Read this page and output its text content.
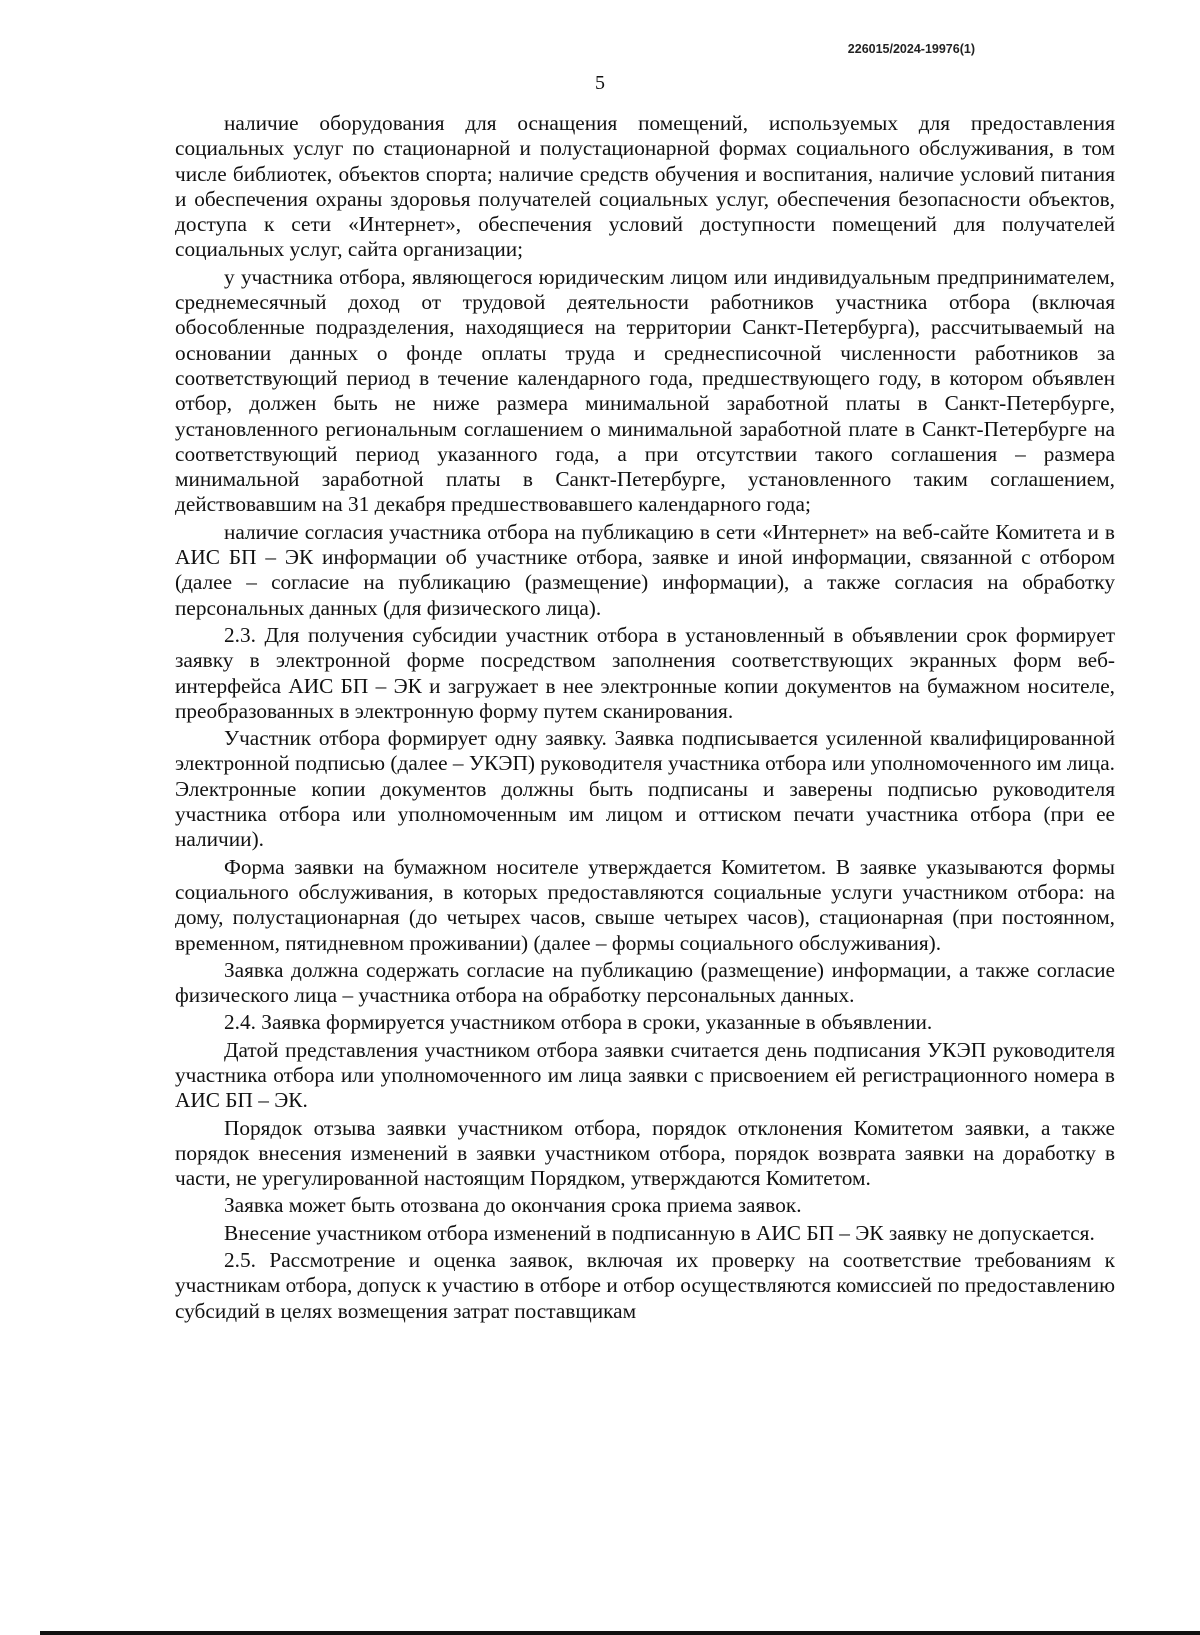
226015/2024-19976(1)
5

наличие оборудования для оснащения помещений, используемых для предоставления социальных услуг по стационарной и полустационарной формах социального обслуживания, в том числе библиотек, объектов спорта; наличие средств обучения и воспитания, наличие условий питания и обеспечения охраны здоровья получателей социальных услуг, обеспечения безопасности объектов, доступа к сети «Интернет», обеспечения условий доступности помещений для получателей социальных услуг, сайта организации;

у участника отбора, являющегося юридическим лицом или индивидуальным предпринимателем, среднемесячный доход от трудовой деятельности работников участника отбора (включая обособленные подразделения, находящиеся на территории Санкт-Петербурга), рассчитываемый на основании данных о фонде оплаты труда и среднесписочной численности работников за соответствующий период в течение календарного года, предшествующего году, в котором объявлен отбор, должен быть не ниже размера минимальной заработной платы в Санкт-Петербурге, установленного региональным соглашением о минимальной заработной плате в Санкт-Петербурге на соответствующий период указанного года, а при отсутствии такого соглашения – размера минимальной заработной платы в Санкт-Петербурге, установленного таким соглашением, действовавшим на 31 декабря предшествовавшего календарного года;

наличие согласия участника отбора на публикацию в сети «Интернет» на веб-сайте Комитета и в АИС БП – ЭК информации об участнике отбора, заявке и иной информации, связанной с отбором (далее – согласие на публикацию (размещение) информации), а также согласия на обработку персональных данных (для физического лица).

2.3. Для получения субсидии участник отбора в установленный в объявлении срок формирует заявку в электронной форме посредством заполнения соответствующих экранных форм веб-интерфейса АИС БП – ЭК и загружает в нее электронные копии документов на бумажном носителе, преобразованных в электронную форму путем сканирования.

Участник отбора формирует одну заявку. Заявка подписывается усиленной квалифицированной электронной подписью (далее – УКЭП) руководителя участника отбора или уполномоченного им лица. Электронные копии документов должны быть подписаны и заверены подписью руководителя участника отбора или уполномоченным им лицом и оттиском печати участника отбора (при ее наличии).

Форма заявки на бумажном носителе утверждается Комитетом. В заявке указываются формы социального обслуживания, в которых предоставляются социальные услуги участником отбора: на дому, полустационарная (до четырех часов, свыше четырех часов), стационарная (при постоянном, временном, пятидневном проживании) (далее – формы социального обслуживания).

Заявка должна содержать согласие на публикацию (размещение) информации, а также согласие физического лица – участника отбора на обработку персональных данных.

2.4. Заявка формируется участником отбора в сроки, указанные в объявлении.

Датой представления участником отбора заявки считается день подписания УКЭП руководителя участника отбора или уполномоченного им лица заявки с присвоением ей регистрационного номера в АИС БП – ЭК.

Порядок отзыва заявки участником отбора, порядок отклонения Комитетом заявки, а также порядок внесения изменений в заявки участником отбора, порядок возврата заявки на доработку в части, не урегулированной настоящим Порядком, утверждаются Комитетом.

Заявка может быть отозвана до окончания срока приема заявок.

Внесение участником отбора изменений в подписанную в АИС БП – ЭК заявку не допускается.

2.5. Рассмотрение и оценка заявок, включая их проверку на соответствие требованиям к участникам отбора, допуск к участию в отборе и отбор осуществляются комиссией по предоставлению субсидий в целях возмещения затрат поставщикам
